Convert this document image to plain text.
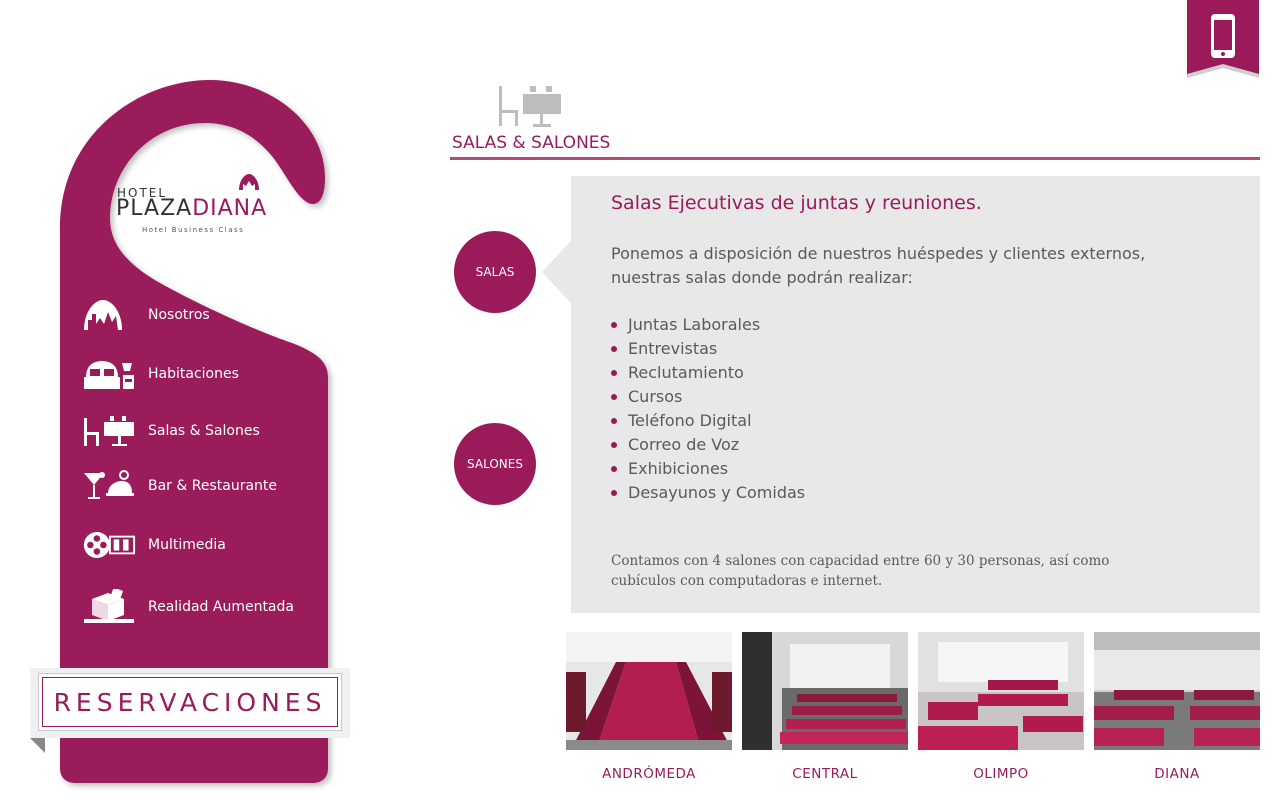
HOTEL
PLAZADIANA
Hotel Business Class
Nosotros
Habitaciones
Salas & Salones
Bar & Restaurante
Multimedia
Realidad Aumentada
RESERVACIONES
SALAS & SALONES
Salas Ejecutivas de juntas y reuniones.
Ponemos a disposición de nuestros huéspedes y clientes externos, nuestras salas donde podrán realizar:
Juntas Laborales
Entrevistas
Reclutamiento
Cursos
Teléfono Digital
Correo de Voz
Exhibiciones
Desayunos y Comidas
Contamos con 4 salones con capacidad entre 60 y 30 personas, así como cubículos con computadoras e internet.
SALAS
SALONES
ANDRÓMEDA	CENTRAL	OLIMPO	DIANA
